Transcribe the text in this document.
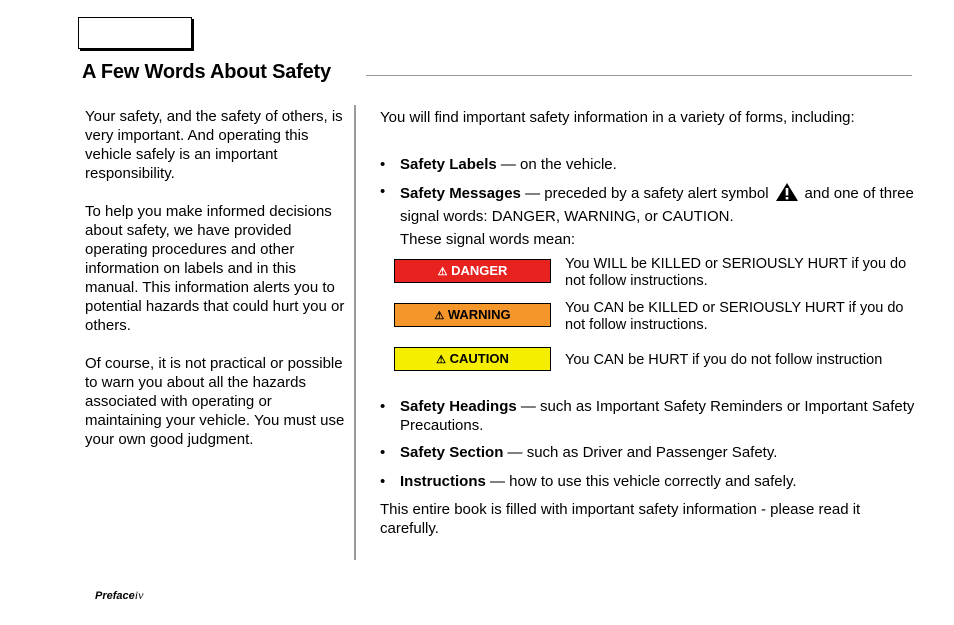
A Few Words About Safety

Your safety, and the safety of others, is very important. And operating this vehicle safely is an important responsibility.

To help you make informed decisions about safety, we have provided operating procedures and other information on labels and in this manual. This information alerts you to potential hazards that could hurt you or others.

Of course, it is not practical or possible to warn you about all the hazards associated with operating or maintaining your vehicle. You must use your own good judgment.

You will find important safety information in a variety of forms, including:

• Safety Labels — on the vehicle.
• Safety Messages — preceded by a safety alert symbol and one of three signal words: DANGER, WARNING, or CAUTION.
These signal words mean:
⚠ DANGER	You WILL be KILLED or SERIOUSLY HURT if you do not follow instructions.
⚠ WARNING	You CAN be KILLED or SERIOUSLY HURT if you do not follow instructions.
⚠ CAUTION	You CAN be HURT if you do not follow instruction
• Safety Headings — such as Important Safety Reminders or Important Safety Precautions.
• Safety Section — such as Driver and Passenger Safety.
• Instructions — how to use this vehicle correctly and safely.
This entire book is filled with important safety information - please read it carefully.
Prefaceiv
